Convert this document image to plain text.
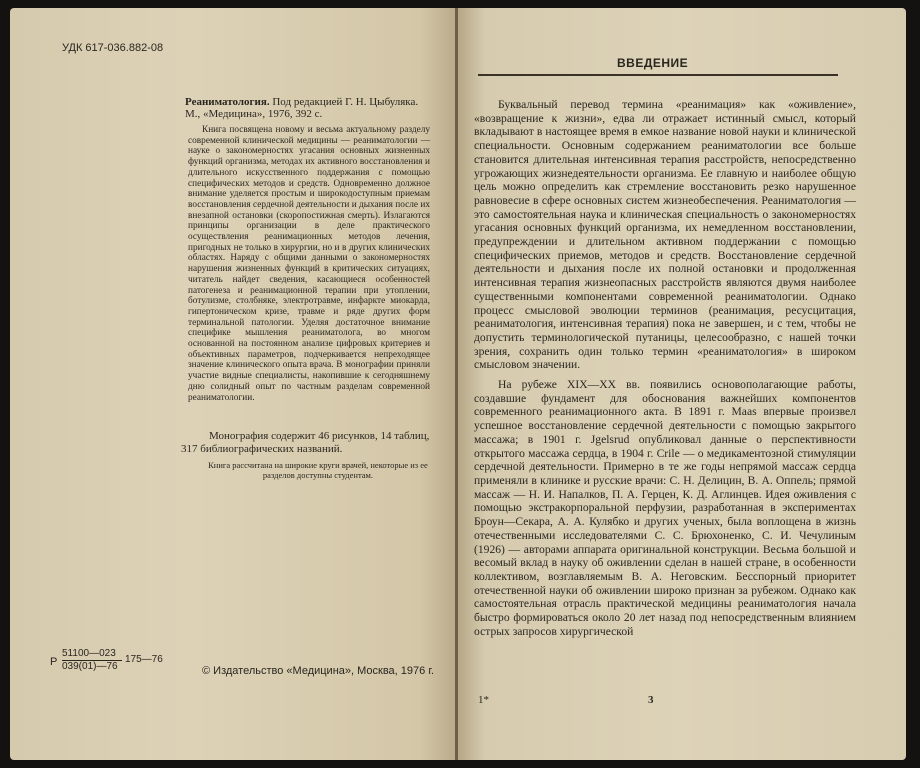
УДК 617-036.882-08
Реаниматология. Под редакцией Г. Н. Цыбуляка. М., «Медицина», 1976, 392 с.

Книга посвящена новому и весьма актуальному разделу современной клинической медицины — реаниматологии — науке о закономерностях угасания основных жизненных функций организма, методах их активного восстановления и длительного искусственного поддержания с помощью специфических методов и средств. Одновременно должное внимание уделяется простым и широкодоступным приемам восстановления сердечной деятельности и дыхания после их внезапной остановки (скоропостижная смерть). Излагаются принципы организации в деле практического осуществления реанимационных методов лечения, пригодных не только в хирургии, но и в других клинических областях. Наряду с общими данными о закономерностях нарушения жизненных функций в критических ситуациях, читатель найдет сведения, касающиеся особенностей патогенеза и реанимационной терапии при утоплении, ботулизме, столбняке, электротравме, инфаркте миокарда, гипертоническом кризе, травме и ряде других форм терминальной патологии. Уделяя достаточное внимание специфике мышления реаниматолога, во многом основанной на постоянном анализе цифровых критериев и объективных параметров, подчеркивается непреходящее значение клинического опыта врача. В монографии приняли участие видные специалисты, накопившие к сегодняшнему дню солидный опыт по частным разделам современной реаниматологии.

Монография содержит 46 рисунков, 14 таблиц,
317 библиографических названий.
Книга рассчитана на широкие круги врачей, некоторые из ее разделов доступны студентам.
Р $\frac{51100—023}{039(01)—76}$ 175—76
© Издательство «Медицина», Москва, 1976 г.
ВВЕДЕНИЕ

Буквальный перевод термина «реанимация» как «оживление», «возвращение к жизни», едва ли отражает истинный смысл, который вкладывают в настоящее время в емкое название новой науки и клинической специальности. Основным содержанием реаниматологии все больше становится длительная интенсивная терапия расстройств, непосредственно угрожающих жизнедеятельности организма. Ее главную и наиболее общую цель можно определить как стремление восстановить резко нарушенное равновесие в сфере основных систем жизнеобеспечения. Реаниматология — это самостоятельная наука и клиническая специальность о закономерностях угасания основных функций организма, их немедленном восстановлении, предупреждении и длительном активном поддержании с помощью специфических приемов, методов и средств. Восстановление сердечной деятельности и дыхания после их полной остановки и продолженная интенсивная терапия жизнеопасных расстройств являются двумя наиболее существенными компонентами современной реаниматологии. Однако процесс смысловой эволюции терминов (реанимация, ресусцитация, реаниматология, интенсивная терапия) пока не завершен, и с тем, чтобы не допустить терминологической путаницы, целесообразно, с нашей точки зрения, сохранить один только термин «реаниматология» в широком смысловом значении.

На рубеже XIX—XX вв. появились основополагающие работы, создавшие фундамент для обоснования важнейших компонентов современного реанимационного акта. В 1891 г. Maas впервые произвел успешное восстановление сердечной деятельности с помощью закрытого массажа; в 1901 г. Jgelsrud опубликовал данные о перспективности открытого массажа сердца, в 1904 г. Crile — о медикаментозной стимуляции сердечной деятельности. Примерно в те же годы непрямой массаж сердца применяли в клинике и русские врачи: С. Н. Делицин, В. А. Оппель; прямой массаж — Н. И. Напалков, П. А. Герцен, К. Д. Аглинцев. Идея оживления с помощью экстракорпоральной перфузии, разработанная в экспериментах Броун—Секара, А. А. Кулябко и других ученых, была воплощена в жизнь отечественными исследователями С. С. Брюхоненко, С. И. Чечулиным (1926) — авторами аппарата оригинальной конструкции. Весьма большой и весомый вклад в науку об оживлении сделан в нашей стране, в особенности коллективом, возглавляемым В. А. Неговским. Бесспорный приоритет отечественной науки об оживлении широко признан за рубежом. Однако как самостоятельная отрасль практической медицины реаниматология начала быстро формироваться около 20 лет назад под непосредственным влиянием острых запросов хирургической

1*	3
